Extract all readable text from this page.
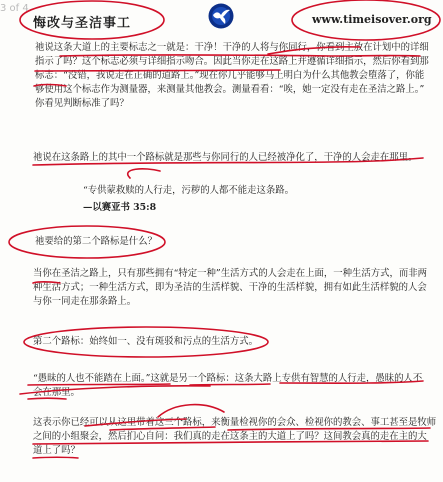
3 of 4
悔改与圣洁事工	www.timeisover.org

祂说这条大道上的主要标志之一就是：干净！干净的人将与你同行，你看到主放在计划中的详细

指示了吗？这个标志必须与详细指示吻合。因此当你走在这路上并遵循详细指示，然后你看到那

标志：“没错，我说走在正确的道路上。”现在你几乎能够马上明白为什么其他教会堕落了，你能

够使用这个标志作为测量器，来测量其他教会。测量看看：“唉，她一定没有走在圣洁之路上。”

你看见判断标准了吗？

祂说在这条路上的其中一个路标就是那些与你同行的人已经被净化了，干净的人会走在那里。
“专供蒙救赎的人行走，污秽的人都不能走这条路。
—以赛亚书 35:8
祂要给的第二个路标是什么？

当你在圣洁之路上，只有那些拥有“特定一种”生活方式的人会走在上面，一种生活方式，而非两

种生活方式；一种生活方式，即为圣洁的生活样貌、干净的生活样貌，拥有如此生活样貌的人会

与你一同走在那条路上。

第二个路标：始终如一、没有斑驳和污点的生活方式。

“愚昧的人也不能踏在上面。”这就是另一个路标：这条大路上专供有智慧的人行走，愚昧的人不

会在那里。

这表示你已经可以从这里带着这三个路标，来衡量检视你的会众、检视你的教会、事工甚至是牧师

之间的小组聚会，然后扪心自问：我们真的走在这条主的大道上了吗？这间教会真的走在主的大

道上了吗？
